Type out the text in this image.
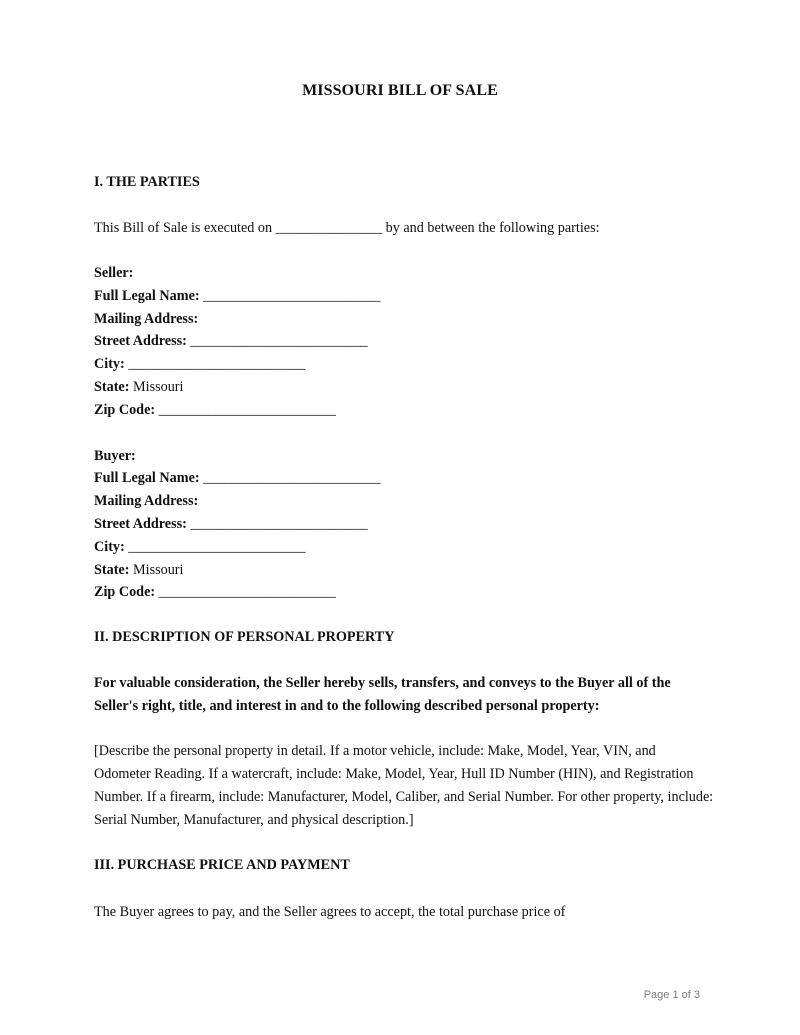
MISSOURI BILL OF SALE
I. THE PARTIES
This Bill of Sale is executed on _______________ by and between the following parties:
Seller:
Full Legal Name: _________________________
Mailing Address:
Street Address: _________________________
City: _________________________
State: Missouri
Zip Code: _________________________
Buyer:
Full Legal Name: _________________________
Mailing Address:
Street Address: _________________________
City: _________________________
State: Missouri
Zip Code: _________________________
II. DESCRIPTION OF PERSONAL PROPERTY
For valuable consideration, the Seller hereby sells, transfers, and conveys to the Buyer all of the Seller's right, title, and interest in and to the following described personal property:
[Describe the personal property in detail. If a motor vehicle, include: Make, Model, Year, VIN, and Odometer Reading. If a watercraft, include: Make, Model, Year, Hull ID Number (HIN), and Registration Number. If a firearm, include: Manufacturer, Model, Caliber, and Serial Number. For other property, include: Serial Number, Manufacturer, and physical description.]
III. PURCHASE PRICE AND PAYMENT
The Buyer agrees to pay, and the Seller agrees to accept, the total purchase price of
Page 1 of 3
